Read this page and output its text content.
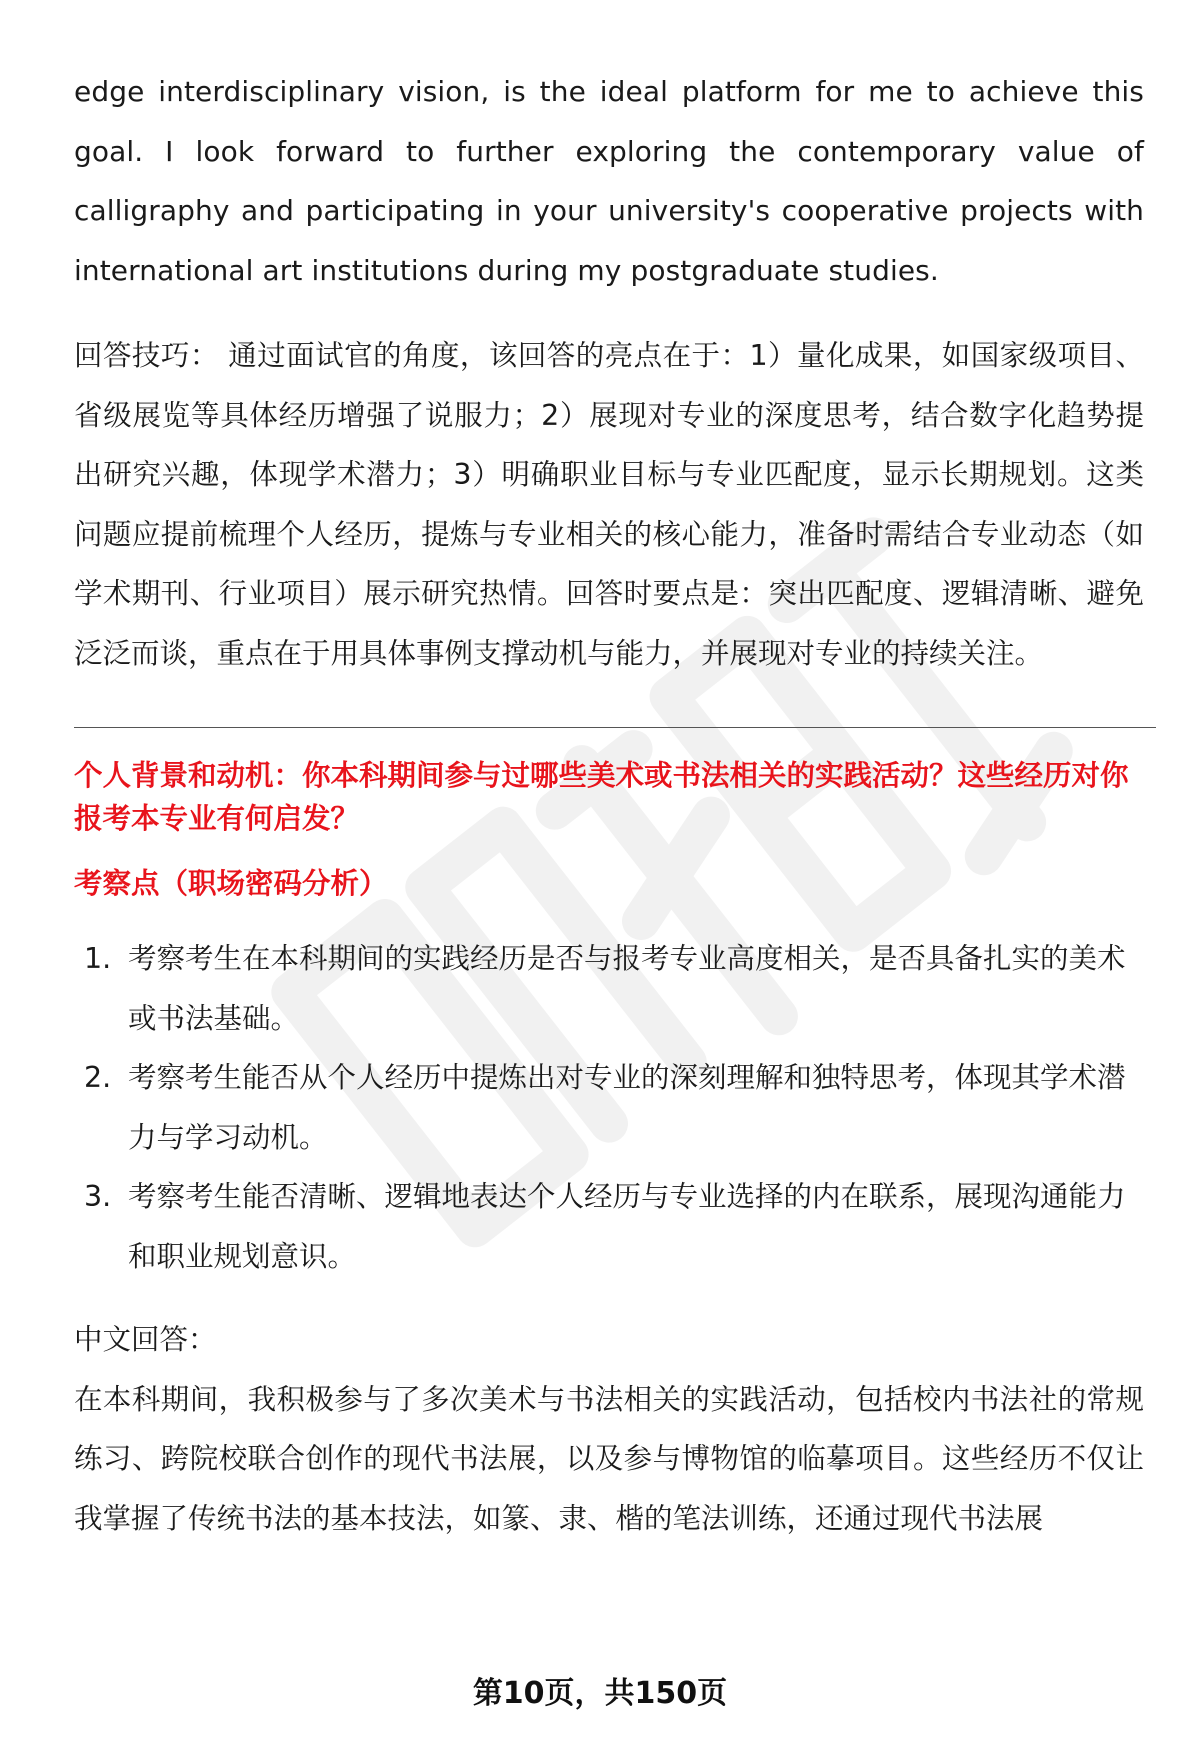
edge interdisciplinary vision, is the ideal platform for me to achieve this goal. I look forward to further exploring the contemporary value of calligraphy and participating in your university's cooperative projects with international art institutions during my postgraduate studies.

回答技巧： 通过面试官的角度，该回答的亮点在于：1）量化成果，如国家级项目、省级展览等具体经历增强了说服力；2）展现对专业的深度思考，结合数字化趋势提出研究兴趣，体现学术潜力；3）明确职业目标与专业匹配度，显示长期规划。这类问题应提前梳理个人经历，提炼与专业相关的核心能力，准备时需结合专业动态（如学术期刊、行业项目）展示研究热情。回答时要点是：突出匹配度、逻辑清晰、避免泛泛而谈，重点在于用具体事例支撑动机与能力，并展现对专业的持续关注。

个人背景和动机：你本科期间参与过哪些美术或书法相关的实践活动？这些经历对你报考本专业有何启发？
考察点（职场密码分析）
1. 考察考生在本科期间的实践经历是否与报考专业高度相关，是否具备扎实的美术或书法基础。
2. 考察考生能否从个人经历中提炼出对专业的深刻理解和独特思考，体现其学术潜力与学习动机。
3. 考察考生能否清晰、逻辑地表达个人经历与专业选择的内在联系，展现沟通能力和职业规划意识。
中文回答：

在本科期间，我积极参与了多次美术与书法相关的实践活动，包括校内书法社的常规练习、跨院校联合创作的现代书法展，以及参与博物馆的临摹项目。这些经历不仅让我掌握了传统书法的基本技法，如篆、隶、楷的笔法训练，还通过现代书法展

第10页，共150页
